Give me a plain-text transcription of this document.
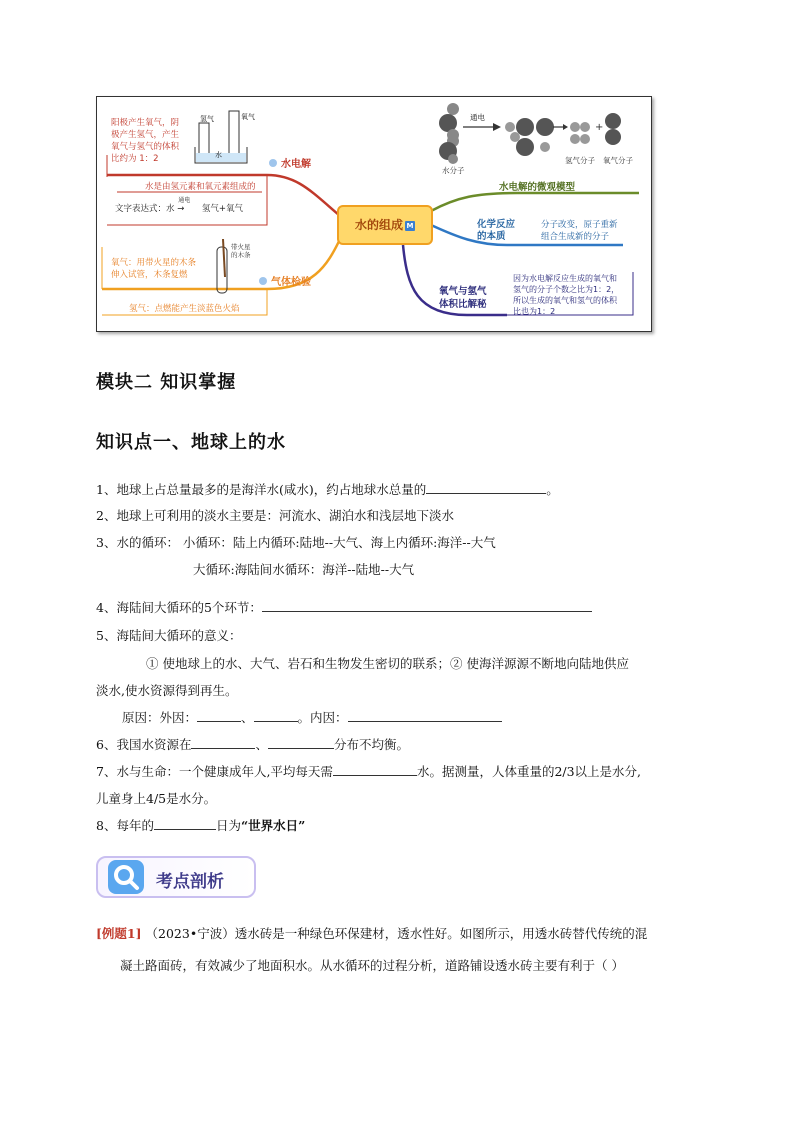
阳极产生氧气，阴
极产生氢气，产生
氧气与氢气的体积
比约为 1：2
氢气	氧气
水
水电解
水是由氢元素和氧元素组成的
文字表达式：水
通电
→ 氢气+氧气
氧气：用带火星的木条
伸入试管，木条复燃
带火星
的木条
气体检验
氢气：点燃能产生淡蓝色火焰
水的组成 M
通电
水分子
氢气分子
+
氧气分子
水电解的微观模型
化学反应
的本质
分子改变，原子重新
组合生成新的分子
氧气与氢气
体积比解秘
因为水电解反应生成的氧气和
氢气的分子个数之比为1：2，
所以生成的氧气和氢气的体积
比也为1：2
模块二 知识掌握
知识点一、地球上的水
1、地球上占总量最多的是海洋水(咸水)，约占地球水总量的	。
2、地球上可利用的淡水主要是：河流水、湖泊水和浅层地下淡水
3、水的循环： 小循环：陆上内循环:陆地--大气、海上内循环:海洋--大气
大循环:海陆间水循环：海洋--陆地--大气
4、海陆间大循环的5个环节：
5、海陆间大循环的意义：
① 使地球上的水、大气、岩石和生物发生密切的联系；② 使海洋源源不断地向陆地供应
淡水,使水资源得到再生。
原因：外因：	、	。内因：
6、我国水资源在	、	分布不均衡。
7、水与生命：一个健康成年人,平均每天需	水。据测量，人体重量的2/3以上是水分,
儿童身上4/5是水分。
8、每年的	日为“世界水日”
考点剖析
[例题1] （2023•宁波）透水砖是一种绿色环保建材，透水性好。如图所示，用透水砖替代传统的混
凝土路面砖，有效减少了地面积水。从水循环的过程分析，道路铺设透水砖主要有利于（ ）
